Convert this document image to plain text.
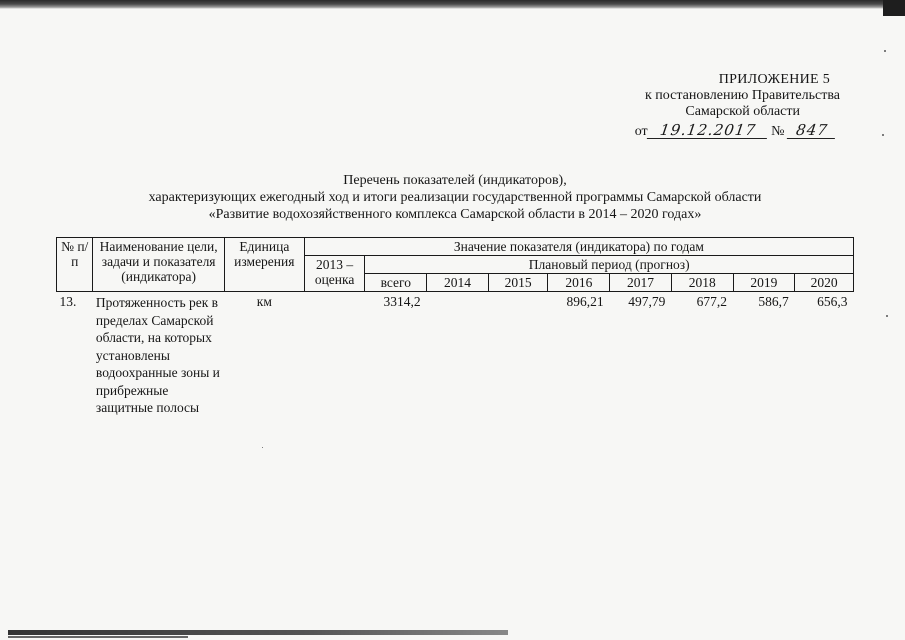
ПРИЛОЖЕНИЕ 5
к постановлению Правительства
Самарской области
от 19.12.2017 № 847
Перечень показателей (индикаторов),
характеризующих ежегодный ход и итоги реализации государственной программы Самарской области
«Развитие водохозяйственного комплекса Самарской области в 2014 – 2020 годах»
№ п/п	Наименование цели, задачи и показателя (индикатора)	Единица измерения	Значение показателя (индикатора) по годам								
			2013 – оценка	Плановый период (прогноз)							
				всего	2014	2015	2016	2017	2018	2019	2020
13.	Протяженность рек в пределах Самарской области, на которых установлены водоохранные зоны и прибрежные защитные полосы	км		3314,2			896,21	497,79	677,2	586,7	656,3
